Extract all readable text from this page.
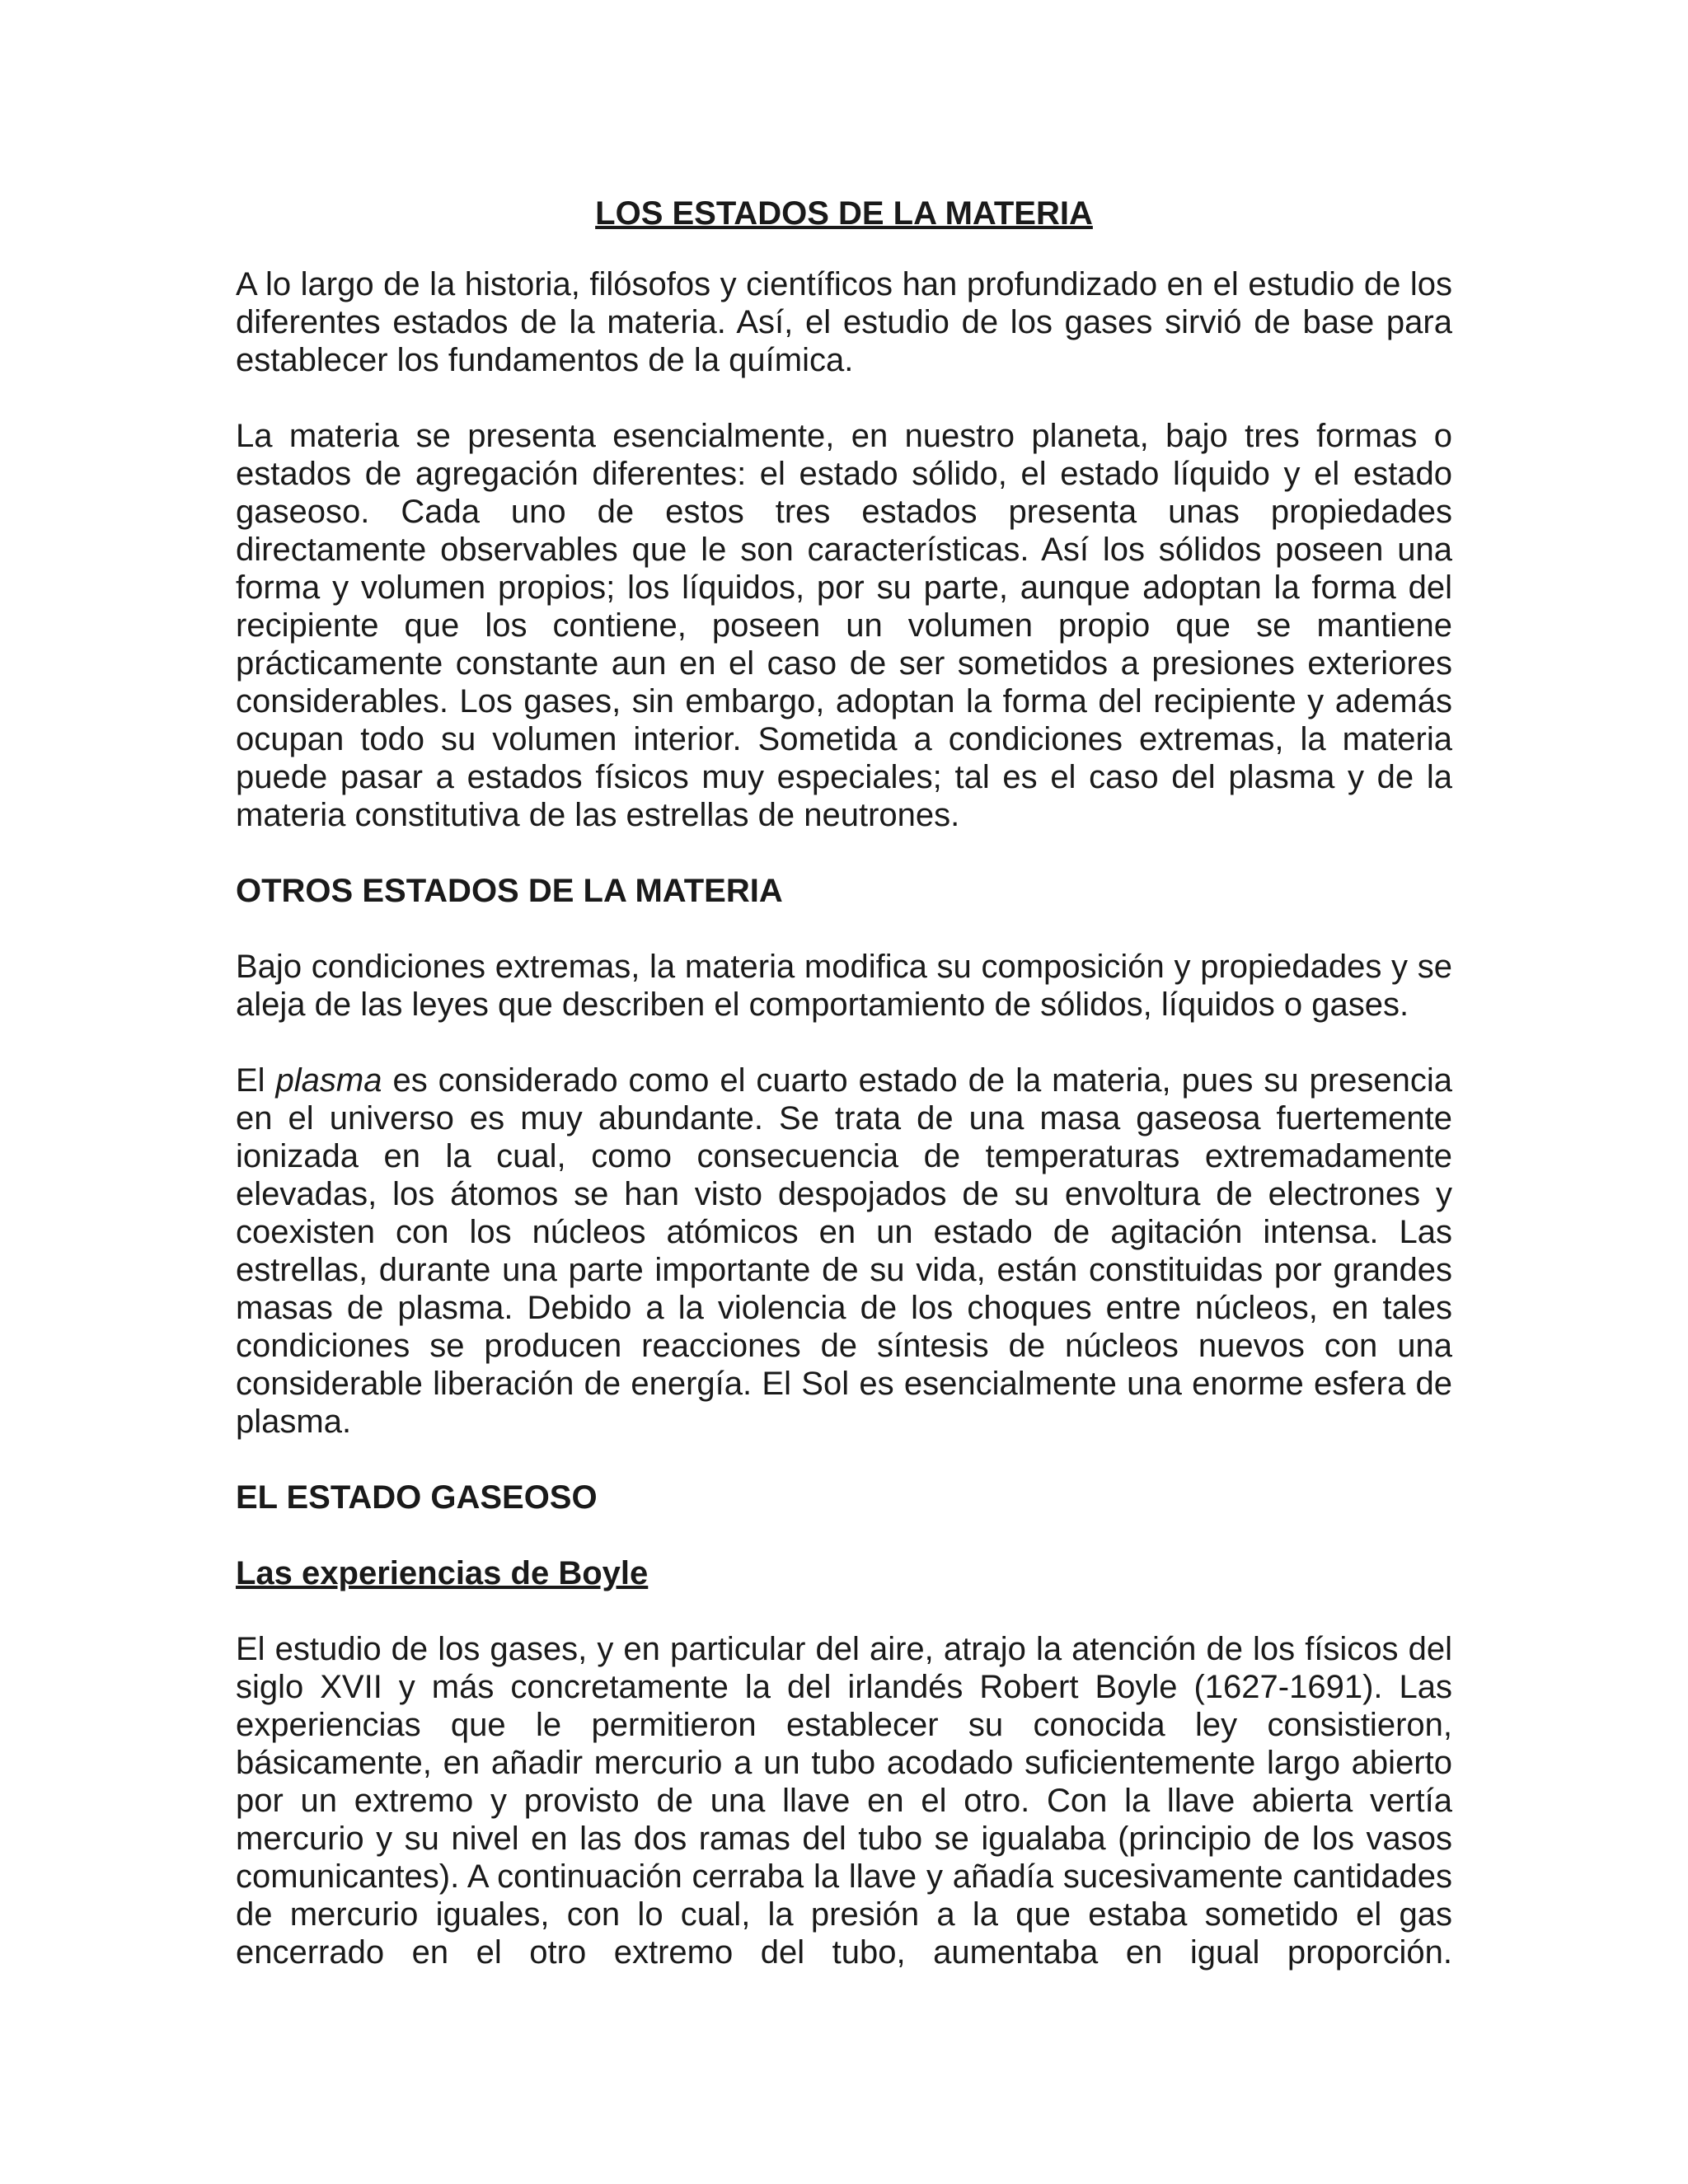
LOS ESTADOS DE LA MATERIA

A lo largo de la historia, filósofos y científicos han profundizado en el estudio de los diferentes estados de la materia. Así, el estudio de los gases sirvió de base para establecer los fundamentos de la química.

La materia se presenta esencialmente, en nuestro planeta, bajo tres formas o estados de agregación diferentes: el estado sólido, el estado líquido y el estado gaseoso. Cada uno de estos tres estados presenta unas propiedades directamente observables que le son características. Así los sólidos poseen una forma y volumen propios; los líquidos, por su parte, aunque adoptan la forma del recipiente que los contiene, poseen un volumen propio que se mantiene prácticamente constante aun en el caso de ser sometidos a presiones exteriores considerables. Los gases, sin embargo, adoptan la forma del recipiente y además ocupan todo su volumen interior. Sometida a condiciones extremas, la materia puede pasar a estados físicos muy especiales; tal es el caso del plasma y de la materia constitutiva de las estrellas de neutrones.

OTROS ESTADOS DE LA MATERIA

Bajo condiciones extremas, la materia modifica su composición y propiedades y se aleja de las leyes que describen el comportamiento de sólidos, líquidos o gases.

El plasma es considerado como el cuarto estado de la materia, pues su presencia en el universo es muy abundante. Se trata de una masa gaseosa fuertemente ionizada en la cual, como consecuencia de temperaturas extremadamente elevadas, los átomos se han visto despojados de su envoltura de electrones y coexisten con los núcleos atómicos en un estado de agitación intensa. Las estrellas, durante una parte importante de su vida, están constituidas por grandes masas de plasma. Debido a la violencia de los choques entre núcleos, en tales condiciones se producen reacciones de síntesis de núcleos nuevos con una considerable liberación de energía. El Sol es esencialmente una enorme esfera de plasma.

EL ESTADO GASEOSO
Las experiencias de Boyle

El estudio de los gases, y en particular del aire, atrajo la atención de los físicos del siglo XVII y más concretamente la del irlandés Robert Boyle (1627-1691). Las experiencias que le permitieron establecer su conocida ley consistieron, básicamente, en añadir mercurio a un tubo acodado suficientemente largo abierto por un extremo y provisto de una llave en el otro. Con la llave abierta vertía mercurio y su nivel en las dos ramas del tubo se igualaba (principio de los vasos comunicantes). A continuación cerraba la llave y añadía sucesivamente cantidades de mercurio iguales, con lo cual, la presión a la que estaba sometido el gas encerrado en el otro extremo del tubo, aumentaba en igual proporción.
